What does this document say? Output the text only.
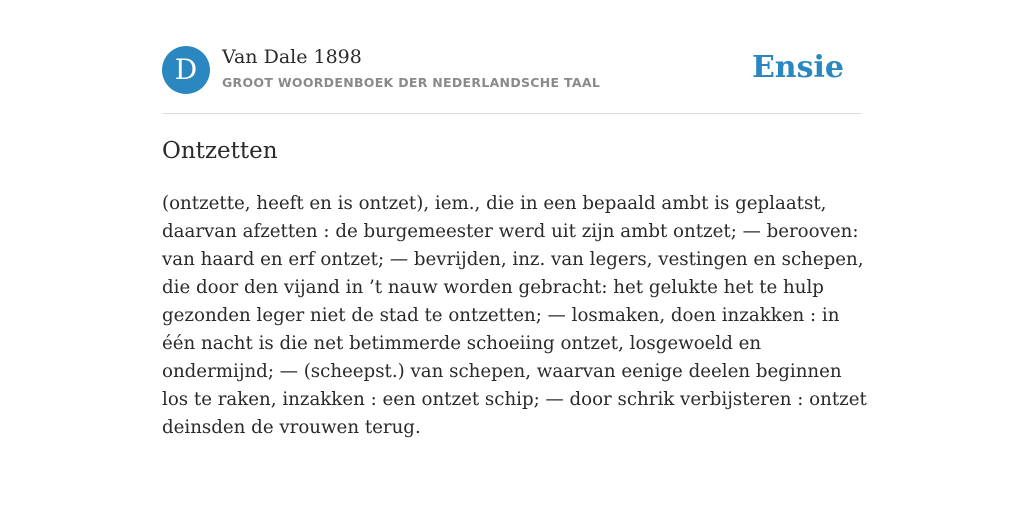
D	Van Dale 1898
GROOT WOORDENBOEK DER NEDERLANDSCHE TAAL	Ensie
Ontzetten

(ontzette, heeft en is ontzet), iem., die in een bepaald ambt is geplaatst, daarvan afzetten : de burgemeester werd uit zijn ambt ontzet; — berooven: van haard en erf ontzet; — bevrijden, inz. van legers, vestingen en schepen, die door den vijand in ’t nauw worden gebracht: het gelukte het te hulp gezonden leger niet de stad te ontzetten; — losmaken, doen inzakken : in één nacht is die net betimmerde schoeiing ontzet, losgewoeld en ondermijnd; — (scheepst.) van schepen, waarvan eenige deelen beginnen los te raken, inzakken : een ontzet schip; — door schrik verbijsteren : ontzet deinsden de vrouwen terug.
